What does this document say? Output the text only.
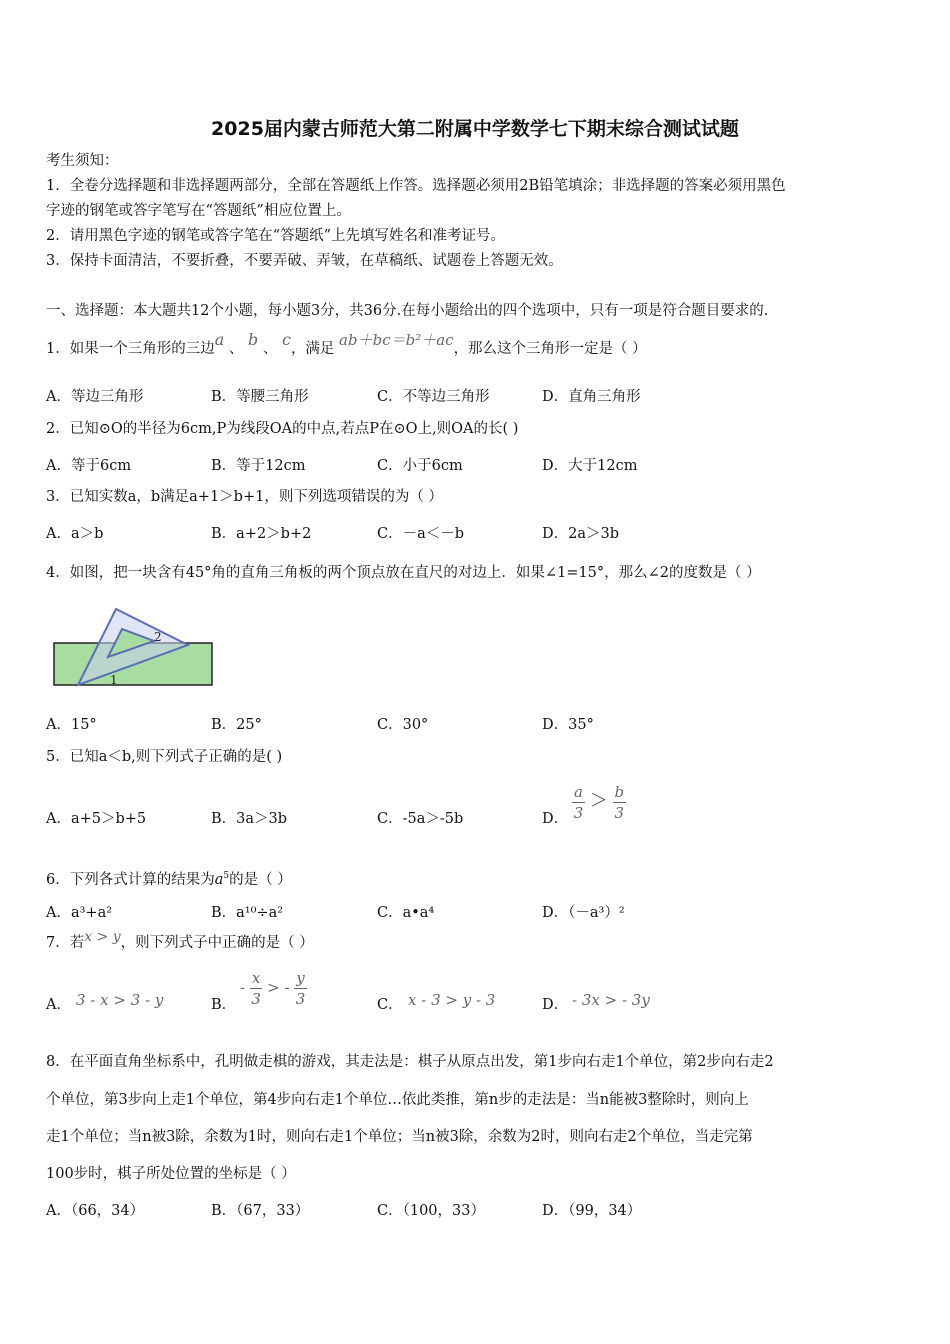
2025届内蒙古师范大第二附属中学数学七下期末综合测试试题
考生须知：
1．全卷分选择题和非选择题两部分，全部在答题纸上作答。选择题必须用2B铅笔填涂；非选择题的答案必须用黑色
字迹的钢笔或答字笔写在“答题纸”相应位置上。
2．请用黑色字迹的钢笔或答字笔在“答题纸”上先填写姓名和准考证号。
3．保持卡面清洁，不要折叠，不要弄破、弄皱，在草稿纸、试题卷上答题无效。
一、选择题：本大题共12个小题，每小题3分，共36分.在每小题给出的四个选项中，只有一项是符合题目要求的.
1．如果一个三角形的三边a 、 b 、 c，满足 ab＋bc＝b²＋ac，那么这个三角形一定是（ ）
A．等边三角形	B．等腰三角形	C．不等边三角形	D．直角三角形
2．已知⊙O的半径为6cm,P为线段OA的中点,若点P在⊙O上,则OA的长( )
A．等于6cm	B．等于12cm	C．小于6cm	D．大于12cm
3．已知实数a，b满足a+1＞b+1，则下列选项错误的为（ ）
A．a＞b	B．a+2＞b+2	C．－a＜－b	D．2a＞3b
4．如图，把一块含有45°角的直角三角板的两个顶点放在直尺的对边上．如果∠1=15°，那么∠2的度数是（ ）
1
2
A．15°	B．25°	C．30°	D．35°
5．已知a＜b,则下列式子正确的是( )
A．a+5＞b+5	B．3a＞3b	C．-5a＞-5b	D． $\frac{a}{3} > \frac{b}{3}$
6．下列各式计算的结果为$a^5$的是（ ）
A．a³+a²	B．a¹⁰÷a²	C．a•a⁴	D．（－a³）²
7．若x > y，则下列式子中正确的是（ ）
A． 3 - x > 3 - y	B．
- $\frac{x}{3}$ > - $\frac{y}{3}$	C． x - 3 > y - 3	D． - 3x > - 3y
8．在平面直角坐标系中，孔明做走棋的游戏，其走法是：棋子从原点出发，第1步向右走1个单位，第2步向右走2
个单位，第3步向上走1个单位，第4步向右走1个单位…依此类推，第n步的走法是：当n能被3整除时，则向上
走1个单位；当n被3除，余数为1时，则向右走1个单位；当n被3除，余数为2时，则向右走2个单位，当走完第
100步时，棋子所处位置的坐标是（ ）
A．（66，34）	B．（67，33）	C．（100，33）	D．（99，34）
